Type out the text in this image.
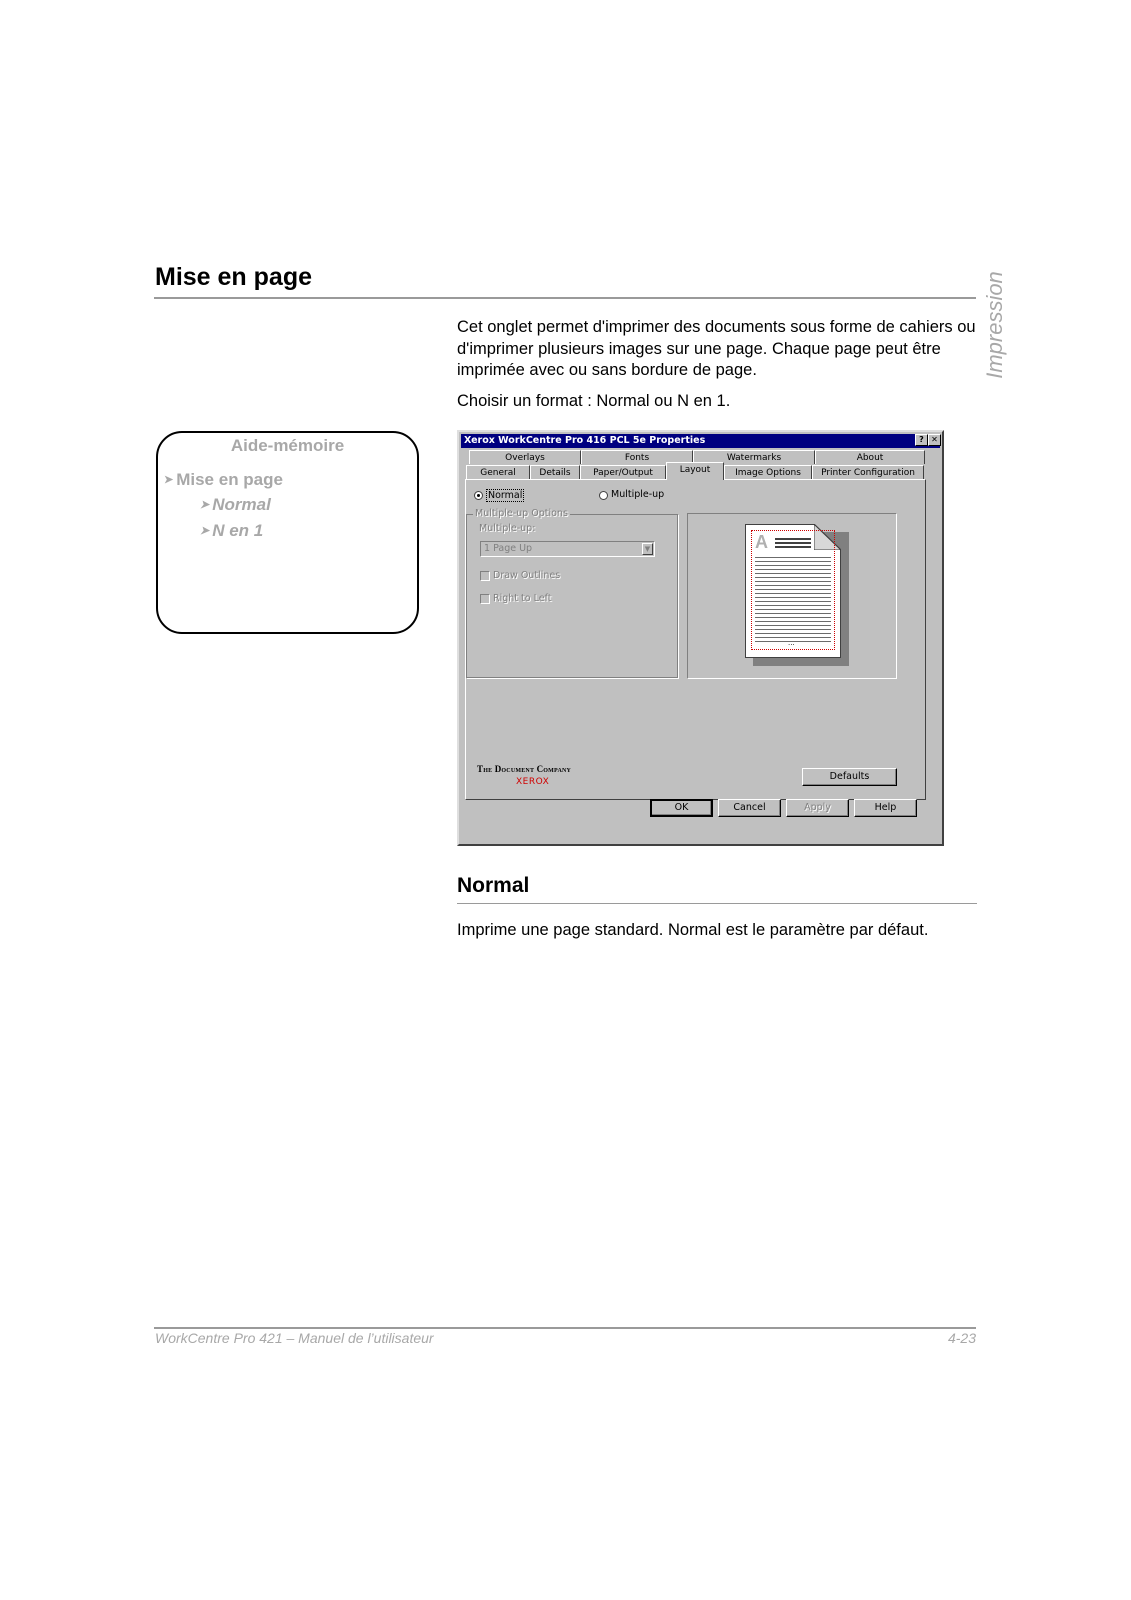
Mise en page	Impression

Cet onglet permet d'imprimer des documents sous forme de cahiers ou d'imprimer plusieurs images sur une page. Chaque page peut être imprimée avec ou sans bordure de page.

Choisir un format : Normal ou N en 1.

Aide-mémoire
➤ Mise en page
➤ Normal
➤ N en 1
Xerox WorkCentre Pro 416 PCL 5e Properties	? ✕
Overlays	Fonts	Watermarks	About
General	Details	Paper/Output	Image Options	Printer Configuration
Layout
Normal	Multiple-up
Multiple-up Options
Multiple-up:
1 Page Up	▼
Draw Outlines
Right to Left
A
...
The Document Company
XEROX	Defaults
OK	Cancel	Apply	Help
Normal

Imprime une page standard. Normal est le paramètre par défaut.

WorkCentre Pro 421 – Manuel de l’utilisateur	4-23
